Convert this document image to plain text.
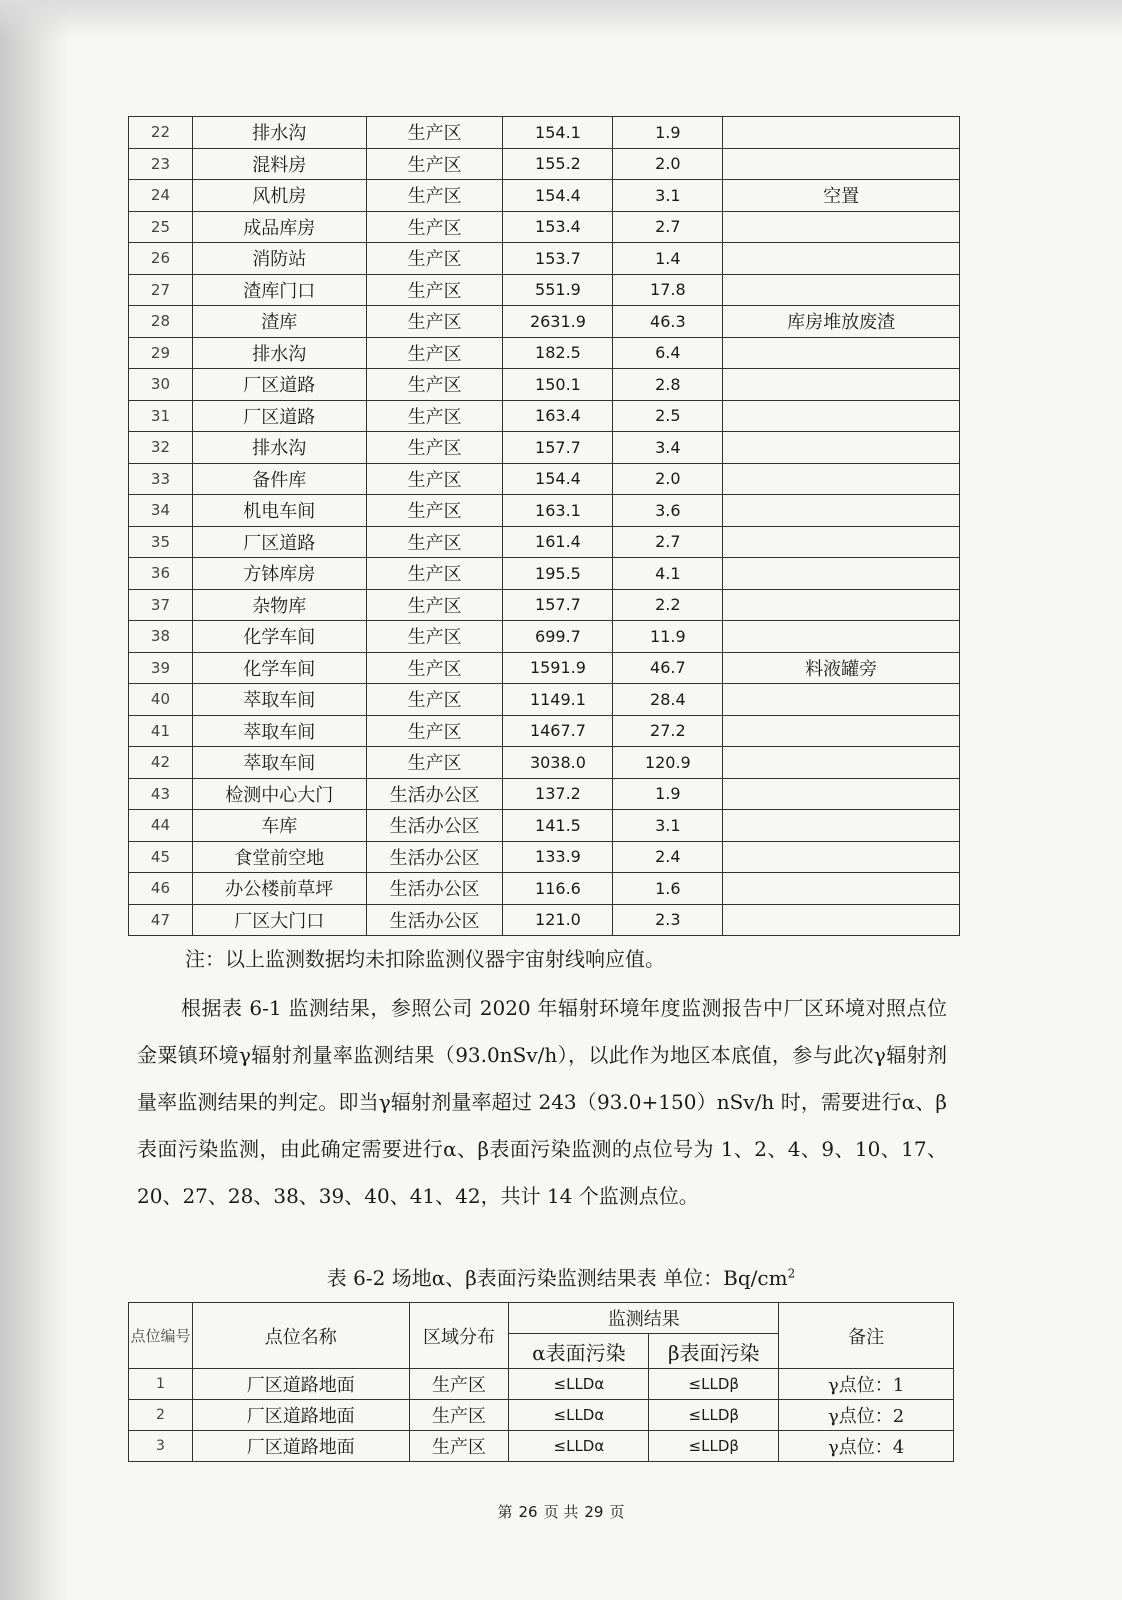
22	排水沟	生产区	154.1	1.9	
23	混料房	生产区	155.2	2.0	
24	风机房	生产区	154.4	3.1	空置
25	成品库房	生产区	153.4	2.7	
26	消防站	生产区	153.7	1.4	
27	渣库门口	生产区	551.9	17.8	
28	渣库	生产区	2631.9	46.3	库房堆放废渣
29	排水沟	生产区	182.5	6.4	
30	厂区道路	生产区	150.1	2.8	
31	厂区道路	生产区	163.4	2.5	
32	排水沟	生产区	157.7	3.4	
33	备件库	生产区	154.4	2.0	
34	机电车间	生产区	163.1	3.6	
35	厂区道路	生产区	161.4	2.7	
36	方钵库房	生产区	195.5	4.1	
37	杂物库	生产区	157.7	2.2	
38	化学车间	生产区	699.7	11.9	
39	化学车间	生产区	1591.9	46.7	料液罐旁
40	萃取车间	生产区	1149.1	28.4	
41	萃取车间	生产区	1467.7	27.2	
42	萃取车间	生产区	3038.0	120.9	
43	检测中心大门	生活办公区	137.2	1.9	
44	车库	生活办公区	141.5	3.1	
45	食堂前空地	生活办公区	133.9	2.4	
46	办公楼前草坪	生活办公区	116.6	1.6	
47	厂区大门口	生活办公区	121.0	2.3	
注：以上监测数据均未扣除监测仪器宇宙射线响应值。

根据表 6-1 监测结果，参照公司 2020 年辐射环境年度监测报告中厂区环境对照点位金粟镇环境γ辐射剂量率监测结果（93.0nSv/h），以此作为地区本底值，参与此次γ辐射剂量率监测结果的判定。即当γ辐射剂量率超过 243（93.0+150）nSv/h 时，需要进行α、β表面污染监测，由此确定需要进行α、β表面污染监测的点位号为 1、2、4、9、10、17、20、27、28、38、39、40、41、42，共计 14 个监测点位。

表 6-2 场地α、β表面污染监测结果表 单位：$Bq/cm^2$
点位编号	点位名称	区域分布	监测结果		备注
			α表面污染	β表面污染	
1	厂区道路地面	生产区	≤LLDα	≤LLDβ	γ点位：1
2	厂区道路地面	生产区	≤LLDα	≤LLDβ	γ点位：2
3	厂区道路地面	生产区	≤LLDα	≤LLDβ	γ点位：4
第 26 页 共 29 页
